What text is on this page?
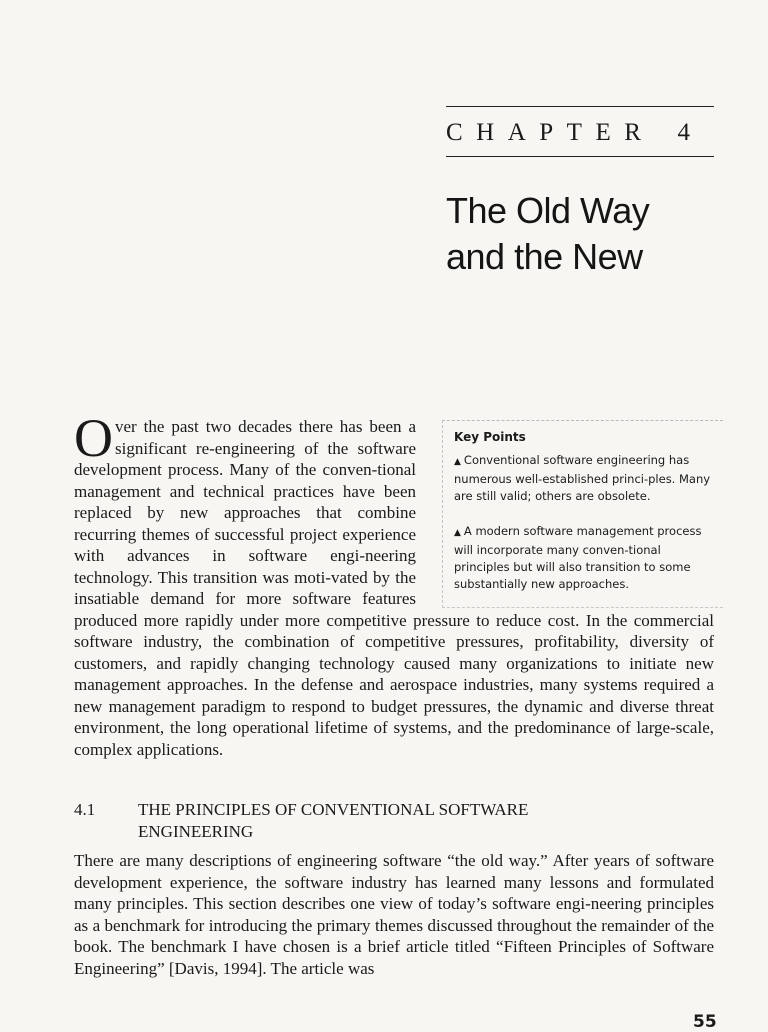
CHAPTER 4
The Old Way
and the New
Key Points
▲ Conventional software engineering has numerous well-established princi-ples. Many are still valid; others are obsolete.
▲ A modern software management process will incorporate many conven-tional principles but will also transition to some substantially new approaches.

O ver the past two decades there has been a significant re-engineering of the software development process. Many of the conven-tional management and technical practices have been replaced by new approaches that combine recurring themes of successful project experience with advances in software engi-neering technology. This transition was moti-vated by the insatiable demand for more software features produced more rapidly under more competitive pressure to reduce cost. In the commercial software industry, the combination of competitive pressures, profitability, diversity of customers, and rapidly changing technology caused many organizations to initiate new management approaches. In the defense and aerospace industries, many systems required a new management paradigm to respond to budget pressures, the dynamic and diverse threat environment, the long operational lifetime of systems, and the predominance of large-scale, complex applications.

4.1	THE PRINCIPLES OF CONVENTIONAL SOFTWARE ENGINEERING

There are many descriptions of engineering software “the old way.” After years of software development experience, the software industry has learned many lessons and formulated many principles. This section describes one view of today’s software engi-neering principles as a benchmark for introducing the primary themes discussed throughout the remainder of the book. The benchmark I have chosen is a brief article titled “Fifteen Principles of Software Engineering” [Davis, 1994]. The article was

55
